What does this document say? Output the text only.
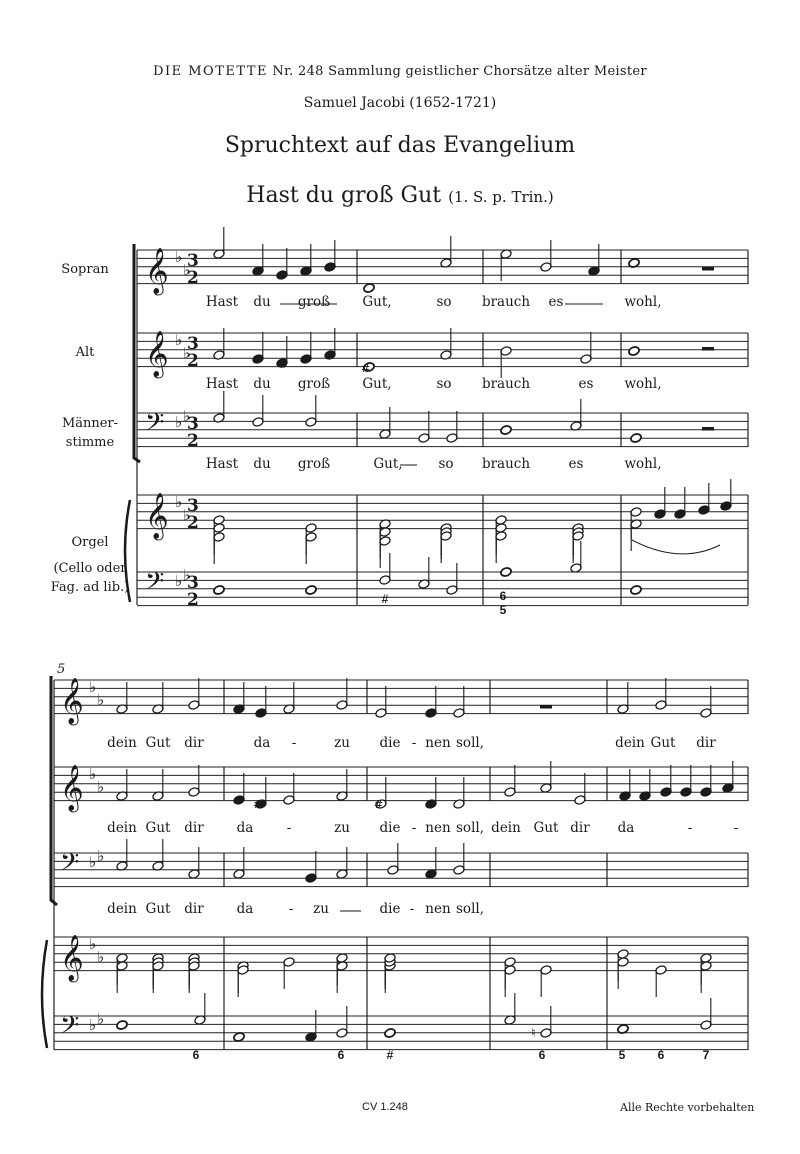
DIE MOTETTE Nr. 248 Sammlung geistlicher Chorsätze alter Meister
Samuel Jacobi (1652-1721)
Spruchtext auf das Evangelium
Hast du groß Gut (1. S. p. Trin.)
Sopran
Alt
Männer-
stimme
Orgel
(Cello oder
Fag. ad lib.)
5
𝄞 ♭
♭
3
2
𝄞 ♭
♭
3
2
𝄢 ♭ ♭
3
2
𝄞 ♭
♭
3
2
𝄢 ♭ ♭
3
2
#	#
𝄞 ♭
♭
𝄞 ♭
♭
𝄢 ♭ ♭
𝄞 ♭
♭
𝄢 ♭ ♭
#	#
♮
Hast du groß Gut,	so brauch es	wohl,
Hast du groß Gut,	so brauch	es wohl,
Hast du groß	Gut,	so brauch	es	wohl,
dein Gut dir	da -	zu die - nen soll,	dein Gut dir
dein Gut dir da -	zu die - nen soll, dein Gut dir da	-	-
dein Gut dir da	- zu	die - nen soll,
#	6
5
6	6	#	6	5	6	7
CV 1.248	Alle Rechte vorbehalten
